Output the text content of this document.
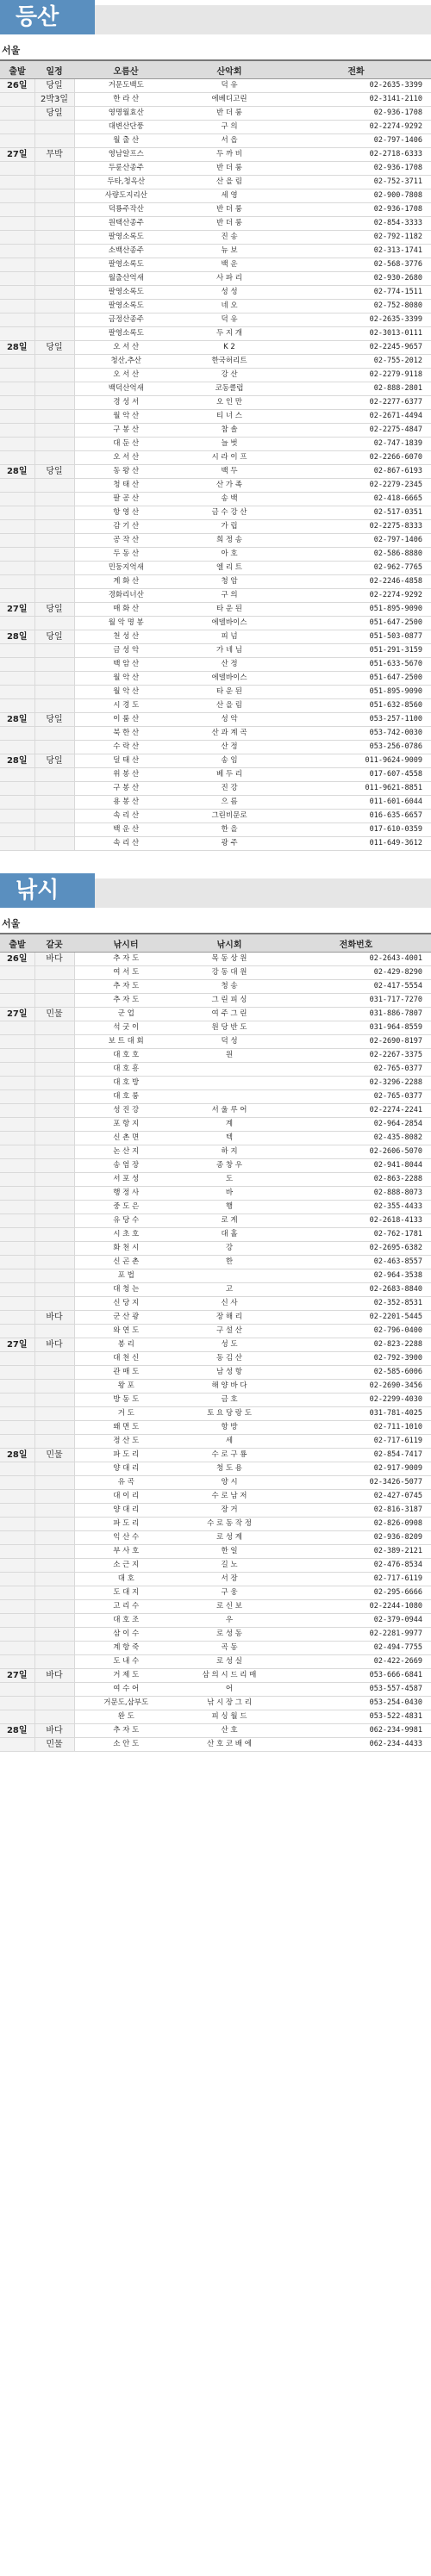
등산
서울
출발	일정	오름산	산악회	전화
26일	당일	거문도백도	덕 유	02-2635-3399
	2박3일	한 라 산	에베디고린	02-3141-2110
	당일	영명월효산	반 더 룽	02-936-1708
		대변산단풍	구 의	02-2274-9292
		월 출 산	서 읍	02-797-1406
27일	무박	영남알프스	두 까 비	02-2718-6333
		두륜산종주	반 더 룽	02-936-1708
		두타,청옥산	산 을 림	02-752-3711
		사량도지리산	세 영	02-900-7808
		덕룡주작산	반 더 룽	02-936-1708
		원택산종주	반 더 룽	02-854-3333
		팔영소록도	진 송	02-792-1182
		소백산종주	뉴 보	02-313-1741
		팔영소록도	백 운	02-568-3776
		월출산억새	사 파 리	02-930-2680
		팔영소록도	성 성	02-774-1511
		팔영소록도	네 오	02-752-8080
		금정산종주	덕 유	02-2635-3399
		팔영소록도	두 지 개	02-3013-0111
28일	당일	오 서 산	K 2	02-2245-9657
		청산,추산	한국허리트	02-755-2012
		오 서 산	강 산	02-2279-9118
		백덕산억새	코동클럽	02-888-2801
		경 성 서	오 인 만	02-2277-6377
		월 악 산	티 너 스	02-2671-4494
		구 봉 산	참 솔	02-2275-4847
		대 둔 산	늘 벗	02-747-1839
		오 서 산	시 라 이 프	02-2266-6070
28일	당일	동 왕 산	백 두	02-867-6193
		청 태 산	산 가 족	02-2279-2345
		팔 공 산	송 백	02-418-6665
		항 영 산	금 수 강 산	02-517-0351
		감 기 산	가 립	02-2275-8333
		공 작 산	희 정 송	02-797-1406
		두 동 산	아 호	02-586-8880
		민둥지억새	엘 리 트	02-962-7765
		계 화 산	청 암	02-2246-4858
		경화리너산	구 의	02-2274-9292
27일	당일	매 화 산	타 운 된	051-895-9090
		월 악 명 봉	에델바이스	051-647-2500
28일	당일	천 성 산	피 넘	051-503-0877
		금 성 악	가 네 님	051-291-3159
		백 암 산	산 정	051-633-5670
		월 악 산	에델바이스	051-647-2500
		월 악 산	타 운 된	051-895-9090
		시 경 도	산 을 림	051-632-8560
28일	당일	이 룸 산	성 악	053-257-1100
		북 한 산	산 과 계 곡	053-742-0030
		수 락 산	산 정	053-256-0786
28일	당일	덜 태 산	송 임	011-9624-9009
		위 봉 산	베 두 리	017-607-4558
		구 봉 산	진 강	011-9621-8851
		용 봉 산	으 름	011-601-6044
		속 리 산	그린비문로	016-635-6657
		백 운 산	한 을	017-610-0359
		속 리 산	광 주	011-649-3612
낚시
서울
출발	갈곳	낚시터	낚시회	전화번호
26일	바다	추 자 도	목 동 상 원	02-2643-4001
		여 서 도	강 동 대 원	02-429-8290
		추 자 도	청 송	02-417-5554
		추 자 도	그 린 피 싱	031-717-7270
27일	민물	군 업	여 주 그 린	031-886-7807
		석 굿 이	원 당 반 도	031-964-8559
		보 트 대 회	덕 성	02-2690-8197
		대 호 호	원	02-2267-3375
		대 호 흥		02-765-0377
		대 호 방		02-3296-2288
		대 호 룽		02-765-0377
		성 진 강	서 울 루 어	02-2274-2241
		포 항 지	계	02-964-2854
		신 촌 면	텍	02-435-8082
		논 산 지	하 지	02-2606-5070
		송 엄 장	종 창 우	02-941-8044
		서 포 성	도	02-863-2288
		행 정 사	바	02-888-8073
		중 도 은	행	02-355-4433
		유 당 수	로 게	02-2618-4133
		시 초 호	대 홀	02-762-1781
		화 천 시	강	02-2695-6382
		신 곤 촌	한	02-463-8557
		포 법		02-964-3538
		대 청 는	고	02-2683-8840
		신 당 지	신 사	02-352-8531
	바다	군 산 광	장 해 리	02-2201-5445
		와 연 도	구 설 산	02-796-0400
27일	바다	봉 리	성 도	02-823-2288
		대 천 신	동 김 산	02-792-3900
		관 매 도	남 성 항	02-585-6006
		왕 포	해 양 바 다	02-2690-3456
		방 동 도	금 호	02-2299-4030
		거 도	토 요 당 랑 도	031-781-4025
		왜 면 도	항 방	02-711-1010
		정 산 도	세	02-717-6119
28일	민물	파 도 리	수 로 구 룡	02-854-7417
		양 대 리	청 도 용	02-917-9009
		유 곡	양 시	02-3426-5077
		대 이 리	수 로 남 저	02-427-0745
		양 대 리	장 거	02-816-3187
		파 도 리	수 로 동 작 정	02-826-0908
		익 산 수	로 성 계	02-936-8209
		부 사 호	한 일	02-389-2121
		소 근 지	길 노	02-476-8534
		대 호	서 장	02-717-6119
		도 대 지	구 웅	02-295-6666
		고 리 수	로 신 보	02-2244-1080
		대 호 조	우	02-379-0944
		삼 이 수	로 성 동	02-2281-9977
		계 항 죽	곡 동	02-494-7755
		도 내 수	로 성 실	02-422-2669
27일	바다	거 제 도	삼 의 시 드 리 매	053-666-6841
		여 수 어	어	053-557-4587
		거문도,삼부도	낚 시 장 그 리	053-254-0430
		완 도	피 싱 월 드	053-522-4831
28일	바다	추 자 도	산 호	062-234-9981
	민물	소 안 도	산 호 코 배 에	062-234-4433
